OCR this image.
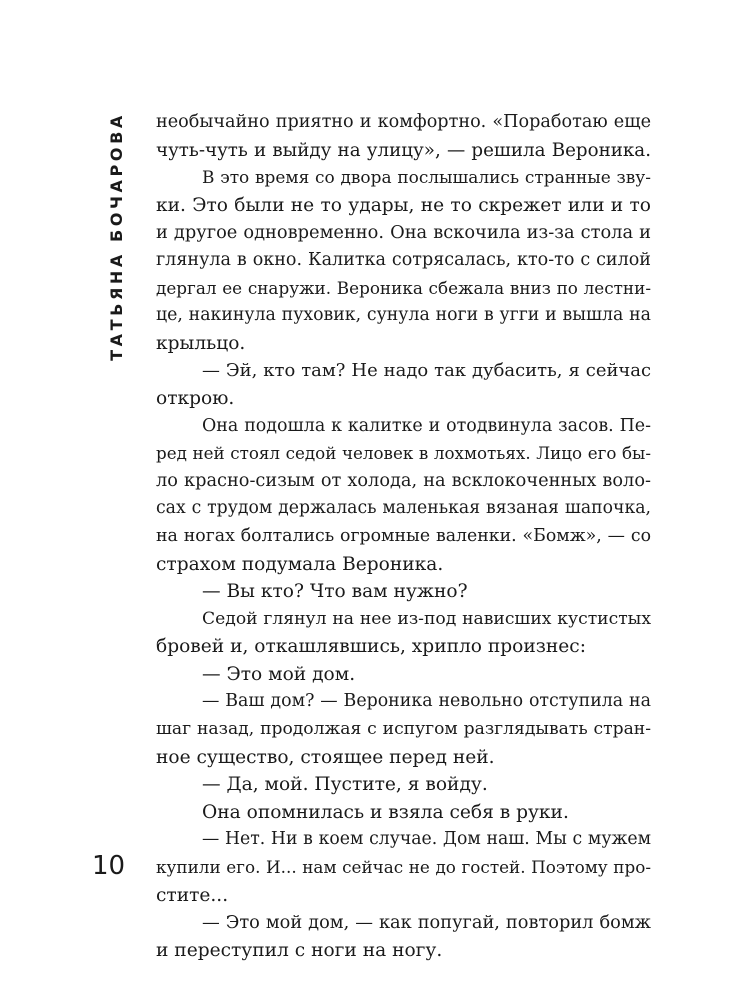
ТАТЬЯНА БОЧАРОВА
10
необычайно приятно и комфортно. «Поработаю еще
чуть-чуть и выйду на улицу», — решила Вероника.
В это время со двора послышались странные зву-
ки. Это были не то удары, не то скрежет или и то
и другое одновременно. Она вскочила из-за стола и
глянула в окно. Калитка сотрясалась, кто-то с силой
дергал ее снаружи. Вероника сбежала вниз по лестни-
це, накинула пуховик, сунула ноги в угги и вышла на
крыльцо.
— Эй, кто там? Не надо так дубасить, я сейчас
открою.
Она подошла к калитке и отодвинула засов. Пе-
ред ней стоял седой человек в лохмотьях. Лицо его бы-
ло красно-сизым от холода, на всклокоченных воло-
сах с трудом держалась маленькая вязаная шапочка,
на ногах болтались огромные валенки. «Бомж», — со
страхом подумала Вероника.
— Вы кто? Что вам нужно?
Седой глянул на нее из-под нависших кустистых
бровей и, откашлявшись, хрипло произнес:
— Это мой дом.
— Ваш дом? — Вероника невольно отступила на
шаг назад, продолжая с испугом разглядывать стран-
ное существо, стоящее перед ней.
— Да, мой. Пустите, я войду.
Она опомнилась и взяла себя в руки.
— Нет. Ни в коем случае. Дом наш. Мы с мужем
купили его. И... нам сейчас не до гостей. Поэтому про-
стите...
— Это мой дом, — как попугай, повторил бомж
и переступил с ноги на ногу.
